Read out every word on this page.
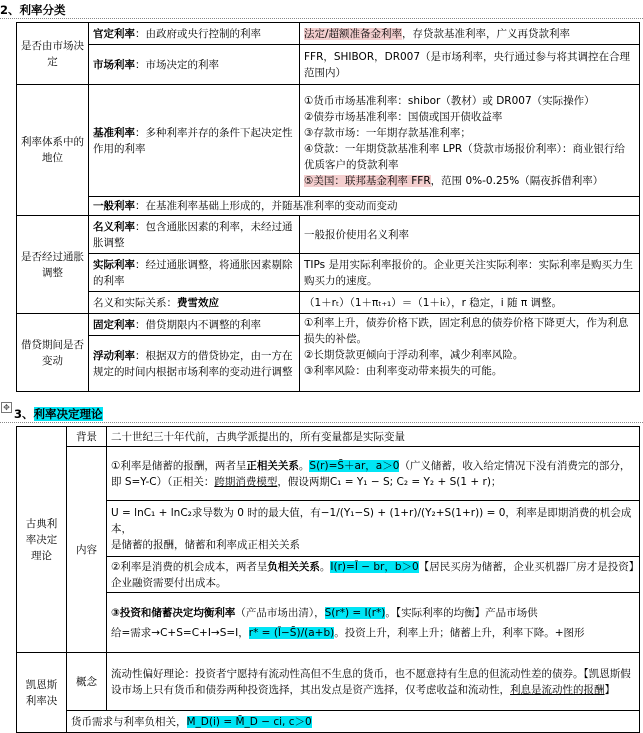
2、利率分类
是否由市场决定	官定利率：由政府或央行控制的利率	法定/超额准备金利率，存贷款基准利率，广义再贷款利率
	市场利率：市场决定的利率	FFR，SHIBOR，DR007（是市场利率，央行通过参与将其调控在合理范围内）
利率体系中的地位	基准利率：多种利率并存的条件下起决定性作用的利率	①货币市场基准利率：shibor（教材）或 DR007（实际操作）
②债券市场基准利率：国债或国开债收益率
③存款市场：一年期存款基准利率；
④贷款：一年期贷款基准利率 LPR（贷款市场报价利率）：商业银行给优质客户的贷款利率
⑤美国：联邦基金利率 FFR，范围 0%-0.25%（隔夜拆借利率）

	一般利率：在基准利率基础上形成的，并随基准利率的变动而变动	
是否经过通胀调整	名义利率：包含通胀因素的利率，未经过通胀调整	一般报价使用名义利率
	实际利率：经过通胀调整，将通胀因素剔除的利率	TIPs 是用实际利率报价的。企业更关注实际利率：实际利率是购买力生购买力的速度。
	名义和实际关系：费雪效应	（1＋rₜ）（1＋πₜ₊₁）＝（1＋iₜ），r 稳定，i 随 π 调整。
借贷期间是否变动	固定利率：借贷期限内不调整的利率	①利率上升，债券价格下跌，固定利息的债券价格下降更大，作为利息损失的补偿。
②长期贷款更倾向于浮动利率，减少利率风险。
③利率风险：由利率变动带来损失的可能。

	浮动利率：根据双方的借贷协定，由一方在规定的时间内根据市场利率的变动进行调整	
✥ 3、利率决定理论
古典利率决定理论	背景	二十世纪三十年代前，古典学派提出的，所有变量都是实际变量
	内容	①利率是储蓄的报酬，两者呈正相关关系。S(r)=S̄＋ar，a＞0（广义储蓄，收入给定情况下没有消费完的部分，即 S=Y-C）（正相关：跨期消费模型，假设两期C₁ = Y₁ − S; C₂ = Y₂ + S(1 + r)；

		U = lnC₁ + lnC₂求导数为 0 时的最大值，有−1/(Y₁−S) + (1+r)/(Y₂+S(1+r)) = 0，利率是即期消费的机会成本，
是储蓄的报酬，储蓄和利率成正相关关系

		②利率是消费的机会成本，两者呈负相关关系。I(r)=Ī − br，b＞0【居民买房为储蓄，企业买机器厂房才是投资】企业融资需要付出成本。

		③投资和储蓄决定均衡利率（产品市场出清），S(r*) = I(r*)。【实际利率的均衡】产品市场供
给=需求→C+S=C+I→S=I，r* = (Ī−S̄)/(a+b)。投资上升，利率上升；储蓄上升，利率下降。+图形

凯恩斯利率决	概念	流动性偏好理论：投资者宁愿持有流动性高但不生息的货币，也不愿意持有生息的但流动性差的债券。【凯恩斯假设市场上只有货币和债券两种投资选择，其出发点是资产选择，仅考虑收益和流动性，利息是流动性的报酬】
	货币需求与利率负相关，M_D(i) = M̄_D − ci, c＞0	
